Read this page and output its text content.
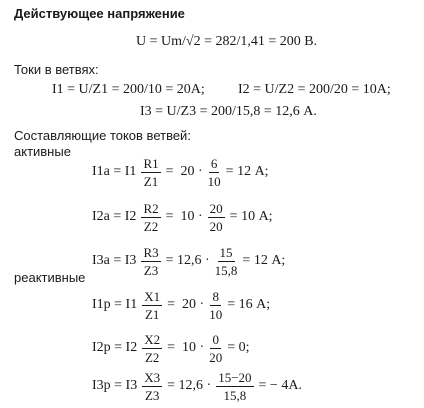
Действующее напряжение
U = Um/√2 = 282/1,41 = 200 В.
Токи в ветвях:
I1 = U/Z1 = 200/10 = 20A; I2 = U/Z2 = 200/20 = 10A;
I3 = U/Z3 = 200/15,8 = 12,6 А.
Составляющие токов ветвей:
активные
$I1а = I1 \frac{R1}{Z1} = 20 \cdot \frac{6}{10} = 12$ А;
$I2а = I2 \frac{R2}{Z2} = 10 \cdot \frac{20}{20} = 10$ А;
$I3а = I3 \frac{R3}{Z3} = 12,6 \cdot \frac{15}{15,8} = 12$ А;
реактивные
$I1р = I1 \frac{X1}{Z1} = 20 \cdot \frac{8}{10} = 16$ А;
$I2р = I2 \frac{X2}{Z2} = 10 \cdot \frac{0}{20} = 0$;
$I3р = I3 \frac{X3}{Z3} = 12,6 \cdot \frac{15-20}{15,8}$ = − 4А.
